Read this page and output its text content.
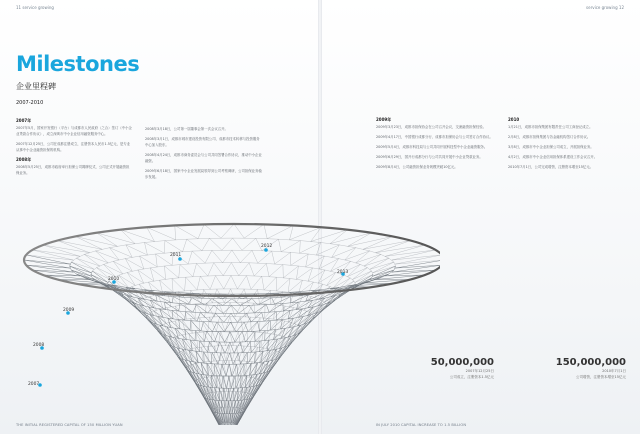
11 service growing
Milestones
企业里程碑
2007-2010
2007年
2007年5月，国家开发银行（平台）与成都市人民政府（之合）签订《中小企业贷款合作协议》，成立深圳市中小企业信用融资服务中心。
2007年12月25日，公司在成都注册成立，注册资本人民币1.5亿元，是专业从事中小企业融资担保的机构。
2008年
2008年5月25日，成都市政府举行担保公司揭牌仪式，公司正式开展融资担保业务。
2008年3月18日，公司第一届董事会第一次会议召开。
2008年3月1日，成都市城市建设投资有限公司、成都市技术转移与投资服务中心加入股东。
2008年4月24日，成都市商务委员会与公司共同签署合作协议，推动中小企业融资。
2009年6月18日，国家中小企业发展局领导到公司考察调研，公司担保业务稳步发展。
THE INITIAL REGISTERED CAPITAL OF 150 MILLION YUAN
2007
2008
2009
2010
2011
2012
2013
service growing 12
2009年
2009年3月23日，成都市担保协会在公司召开会议，交流融资担保经验。
2009年4月17日，中国银行成都分行、成都市担保协会与公司签订合作协议。
2009年5月4日，成都市科技局与公司共同开展科技型中小企业融资服务。
2009年6月29日，国开行成都分行与公司共同开展中小企业贷款业务。
2009年8月4日，公司融资担保业务规模突破10亿元。
2010
1月21日，成都市担保集团有限责任公司工商登记成立。
2月8日，成都市担保集团与各金融机构签订合作协议。
3月8日，成都市中小企业担保公司成立，开展担保业务。
4月2日，成都市中小企业信用担保体系建设工作会议召开。
2010年7月1日，公司完成增资，注册资本增至15亿元。
50,000,000
2007年12月25日
公司成立，注册资本1.5亿元
150,000,000
2010年7月1日
公司增资，注册资本增至15亿元
IN JULY 2010 CAPITAL INCREASE TO 1.5 BILLION
